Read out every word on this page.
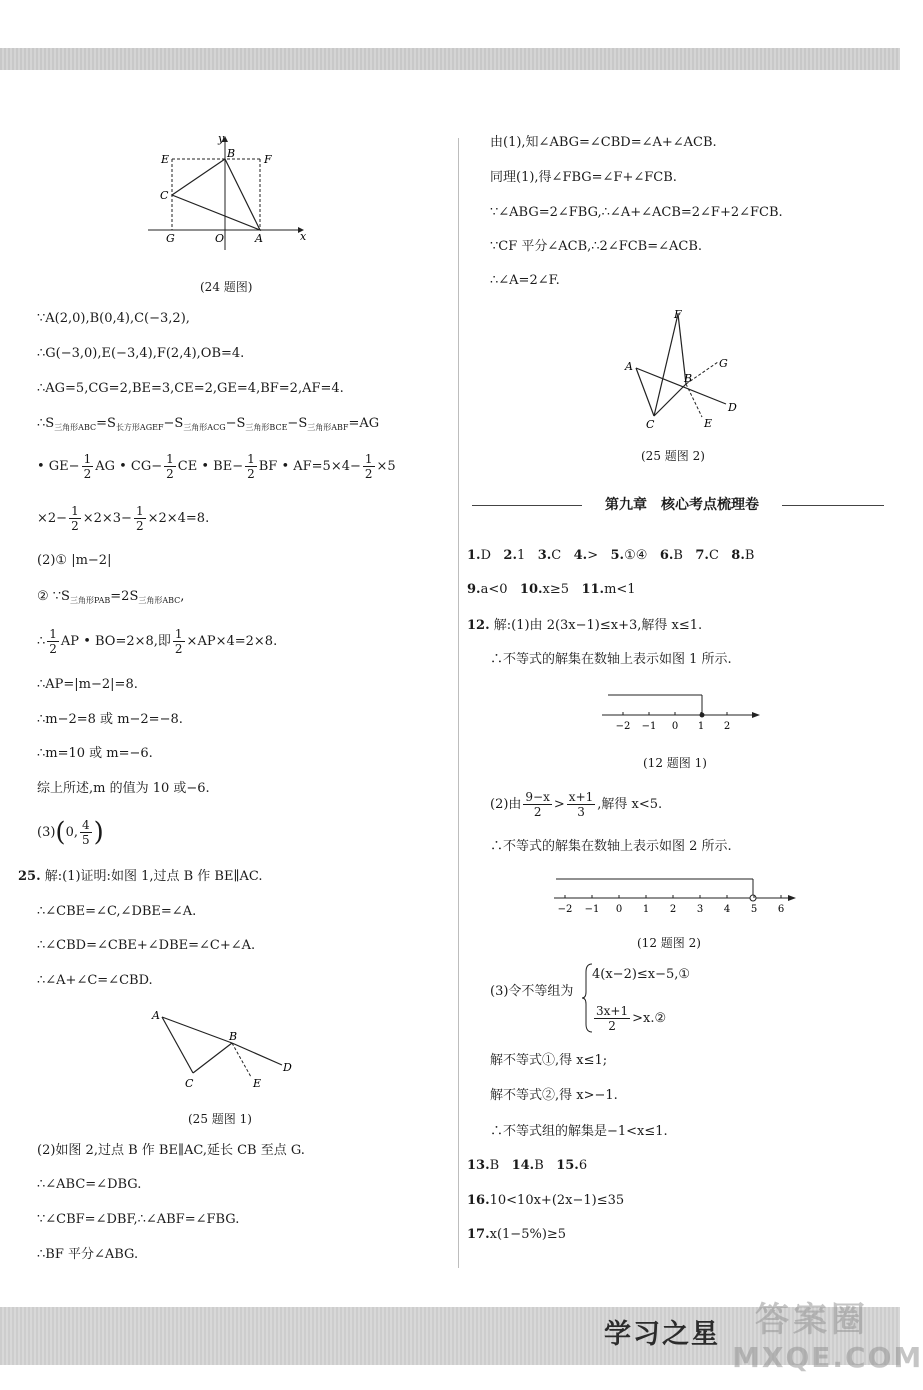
y
x
E	B	F
C
G	O	A
(24 题图)
∵A(2,0),B(0,4),C(−3,2),
∴G(−3,0),E(−3,4),F(2,4),OB=4.
∴AG=5,CG=2,BE=3,CE=2,GE=4,BF=2,AF=4.
$\therefore S_{三角形ABC}=S_{长方形AGEF}-S_{三角形ACG}-S_{三角形BCE}-S_{三角形ABF}=AG$
• $GE- \frac{1}{2}$ AG • $CG- \frac{1}{2}$ CE • $BE- \frac{1}{2}$ BF • $AF=5\times 4- \frac{1}{2} \times 5$
$\times 2- \frac{1}{2} \times 2\times 3- \frac{1}{2} \times 2\times 4=8$.
(2)① |m−2|
② $\because S_{三角形PAB}=2S_{三角形ABC}$,
∴ $\frac{1}{2}$ AP • BO=2×8,即 $\frac{1}{2} \times AP\times 4=2\times 8$.
∴AP=|m−2|=8.
∴m−2=8 或 m−2=−8.
∴m=10 或 m=−6.
综上所述,m 的值为 10 或−6.
(3)(0, $\frac{4}{5}$ )
25. 解:(1)证明:如图 1,过点 B 作 BE∥AC.
∴∠CBE=∠C,∠DBE=∠A.
∴∠CBD=∠CBE+∠DBE=∠C+∠A.
∴∠A+∠C=∠CBD.
A
B
C
D
E
(25 题图 1)
(2)如图 2,过点 B 作 BE∥AC,延长 CB 至点 G.
∴∠ABC=∠DBG.
∵∠CBF=∠DBF,∴∠ABF=∠FBG.
∴BF 平分∠ABG.
由(1),知∠ABG=∠CBD=∠A+∠ACB.
同理(1),得∠FBG=∠F+∠FCB.
∵∠ABG=2∠FBG,∴∠A+∠ACB=2∠F+2∠FCB.
∵CF 平分∠ACB,∴2∠FCB=∠ACB.
∴∠A=2∠F.
F
A
B
G
C
D
E
(25 题图 2)
第九章　核心考点梳理卷
1.D 2.1 3.C 4.> 5.①④ 6.B 7.C 8.B
9.a<0 10.x≥5 11.m<1
12. 解:(1)由 2(3x−1)≤x+3,解得 x≤1.
∴不等式的解集在数轴上表示如图 1 所示.
−2 −1 0 1 2
(12 题图 1)
(2)由 $\frac{9-x}{2} > \frac{x+1}{3}$ ,解得 x<5.
∴不等式的解集在数轴上表示如图 2 所示.
−2 −1 0 1 2 3 4 5 6
(12 题图 2)
(3)令不等组为
4(x−2)≤x−5,①
$\frac{3x+1}{2}$ >x.②
解不等式①,得 x≤1;
解不等式②,得 x>−1.
∴不等式组的解集是−1<x≤1.
13.B 14.B 15.6
16.10<10x+(2x−1)≤35
17.x(1−5%)≥5
学习之星	答案圈
MXQE.COM
